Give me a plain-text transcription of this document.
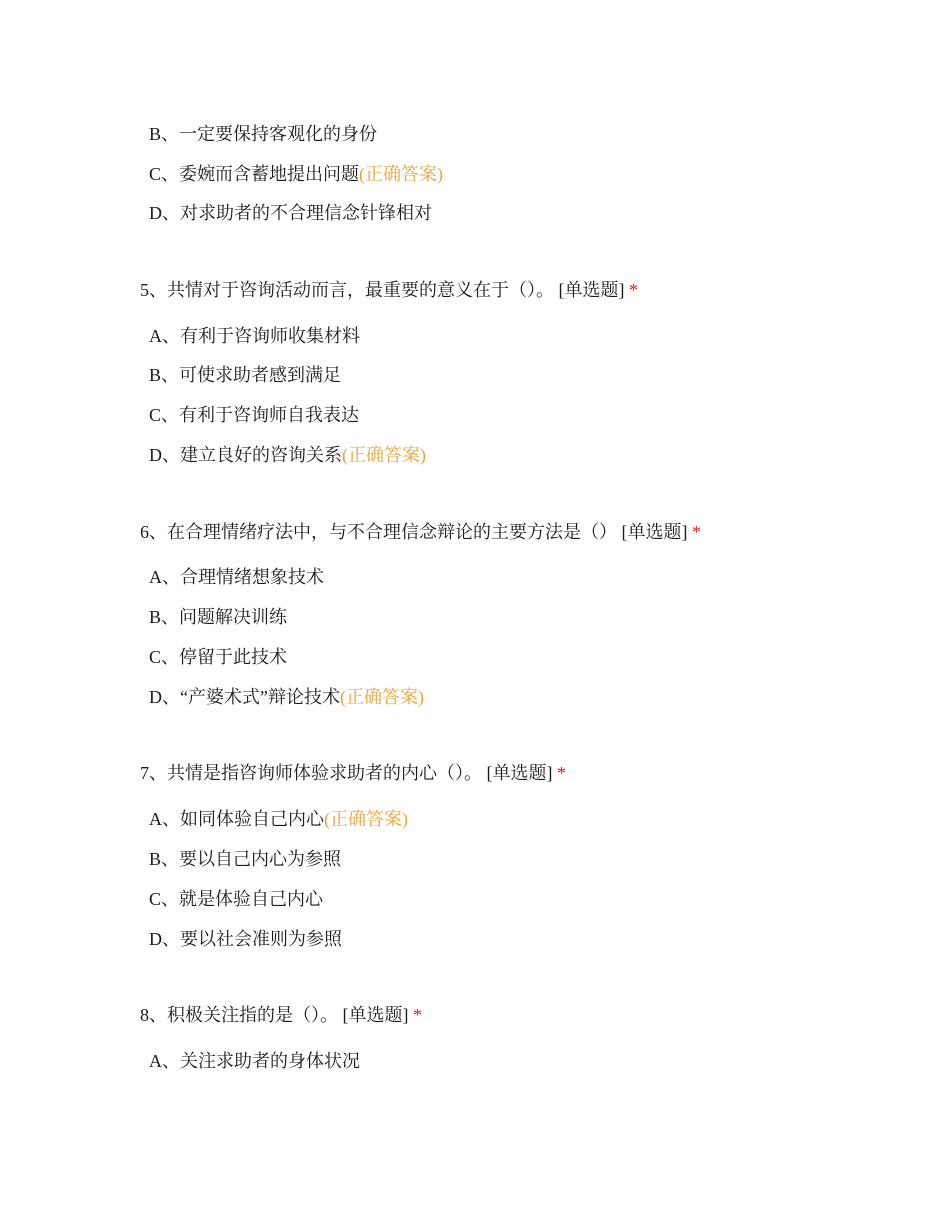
B、一定要保持客观化的身份
C、委婉而含蓄地提出问题(正确答案)
D、对求助者的不合理信念针锋相对
5、共情对于咨询活动而言，最重要的意义在于（）。 [单选题] *
A、有利于咨询师收集材料
B、可使求助者感到满足
C、有利于咨询师自我表达
D、建立良好的咨询关系(正确答案)
6、在合理情绪疗法中，与不合理信念辩论的主要方法是（） [单选题] *
A、合理情绪想象技术
B、问题解决训练
C、停留于此技术
D、“产婆术式”辩论技术(正确答案)
7、共情是指咨询师体验求助者的内心（）。 [单选题] *
A、如同体验自己内心(正确答案)
B、要以自己内心为参照
C、就是体验自己内心
D、要以社会准则为参照
8、积极关注指的是（）。 [单选题] *
A、关注求助者的身体状况
